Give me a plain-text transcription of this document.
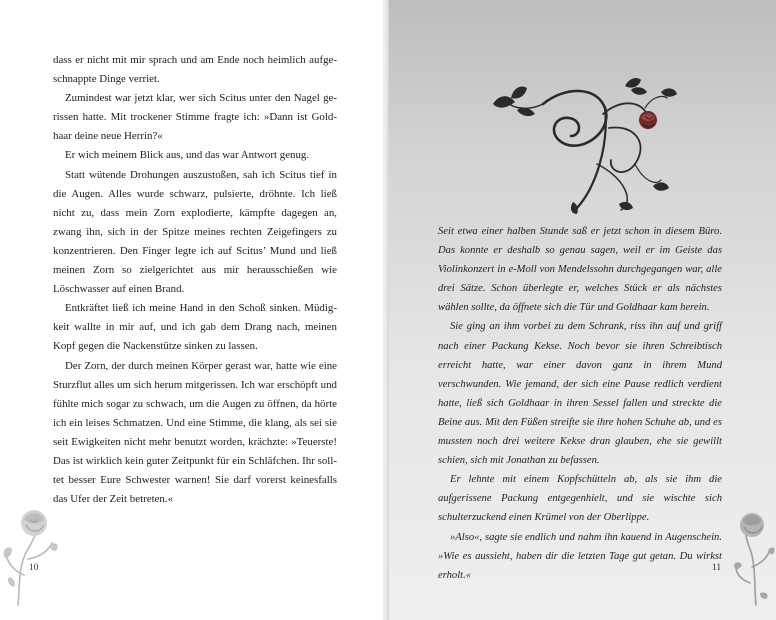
dass er nicht mit mir sprach und am Ende noch heimlich aufgeschnappte Dinge verriet.

Zumindest war jetzt klar, wer sich Scitus unter den Nagel gerissen hatte. Mit trockener Stimme fragte ich: »Dann ist Goldhaar deine neue Herrin?«

Er wich meinem Blick aus, und das war Antwort genug.

Statt wütende Drohungen auszustoßen, sah ich Scitus tief in die Augen. Alles wurde schwarz, pulsierte, dröhnte. Ich ließ nicht zu, dass mein Zorn explodierte, kämpfte dagegen an, zwang ihn, sich in der Spitze meines rechten Zeigefingers zu konzentrieren. Den Finger legte ich auf Scitus’ Mund und ließ meinen Zorn so zielgerichtet aus mir herausschießen wie Löschwasser auf einen Brand.

Entkräftet ließ ich meine Hand in den Schoß sinken. Müdigkeit wallte in mir auf, und ich gab dem Drang nach, meinen Kopf gegen die Nackenstütze sinken zu lassen.

Der Zorn, der durch meinen Körper gerast war, hatte wie eine Sturzflut alles um sich herum mitgerissen. Ich war erschöpft und fühlte mich sogar zu schwach, um die Augen zu öffnen, da hörte ich ein leises Schmatzen. Und eine Stimme, die klang, als sei sie seit Ewigkeiten nicht mehr benutzt worden, krächzte: »Teuerste! Das ist wirklich kein guter Zeitpunkt für ein Schläfchen. Ihr solltet besser Eure Schwester warnen! Sie darf vorerst keinesfalls das Ufer der Zeit betreten.«

Seit etwa einer halben Stunde saß er jetzt schon in diesem Büro. Das konnte er deshalb so genau sagen, weil er im Geiste das Violinkonzert in e-Moll von Mendelssohn durchgegangen war, alle drei Sätze. Schon überlegte er, welches Stück er als nächstes wählen sollte, da öffnete sich die Tür und Goldhaar kam herein.

Sie ging an ihm vorbei zu dem Schrank, riss ihn auf und griff nach einer Packung Kekse. Noch bevor sie ihren Schreibtisch erreicht hatte, war einer davon ganz in ihrem Mund verschwunden. Wie jemand, der sich eine Pause redlich verdient hatte, ließ sich Goldhaar in ihren Sessel fallen und streckte die Beine aus. Mit den Füßen streifte sie ihre hohen Schuhe ab, und es mussten noch drei weitere Kekse dran glauben, ehe sie gewillt schien, sich mit Jonathan zu befassen.

Er lehnte mit einem Kopfschütteln ab, als sie ihm die aufgerissene Packung entgegenhielt, und sie wischte sich schulterzuckend einen Krümel von der Oberlippe.

»Also«, sagte sie endlich und nahm ihn kauend in Augenschein. »Wie es aussieht, haben dir die letzten Tage gut getan. Du wirkst erholt.«

10	11
